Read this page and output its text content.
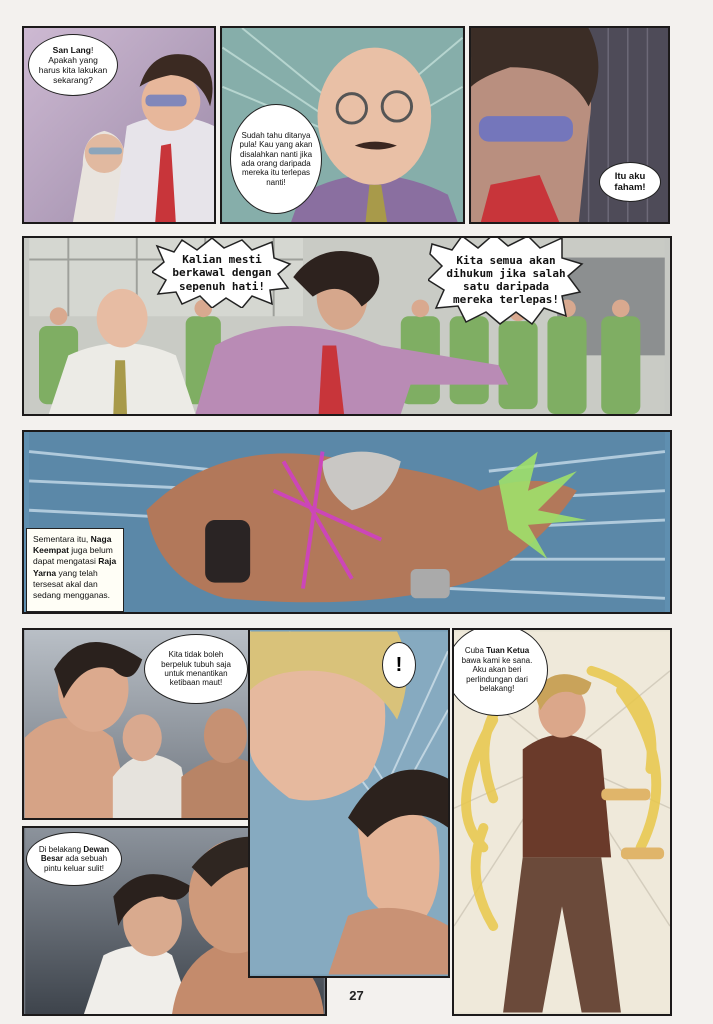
San Lang!
Apakah yang harus kita lakukan sekarang?
Sudah tahu ditanya pula! Kau yang akan disalahkan nanti jika ada orang daripada mereka itu terlepas nanti!
Itu aku faham!
Kalian mesti
berkawal dengan
sepenuh hati!
Kita semua akan
dihukum jika salah
satu daripada
mereka terlepas!
Sementara itu, Naga Keempat juga belum dapat mengatasi Raja Yarna yang telah tersesat akal dan sedang mengganas.
Kita tidak boleh berpeluk tubuh saja untuk menantikan ketibaan maut!
Di belakang Dewan Besar ada sebuah pintu keluar sulit!
!
Cuba Tuan Ketua bawa kami ke sana. Aku akan beri perlindungan dari belakang!
27
